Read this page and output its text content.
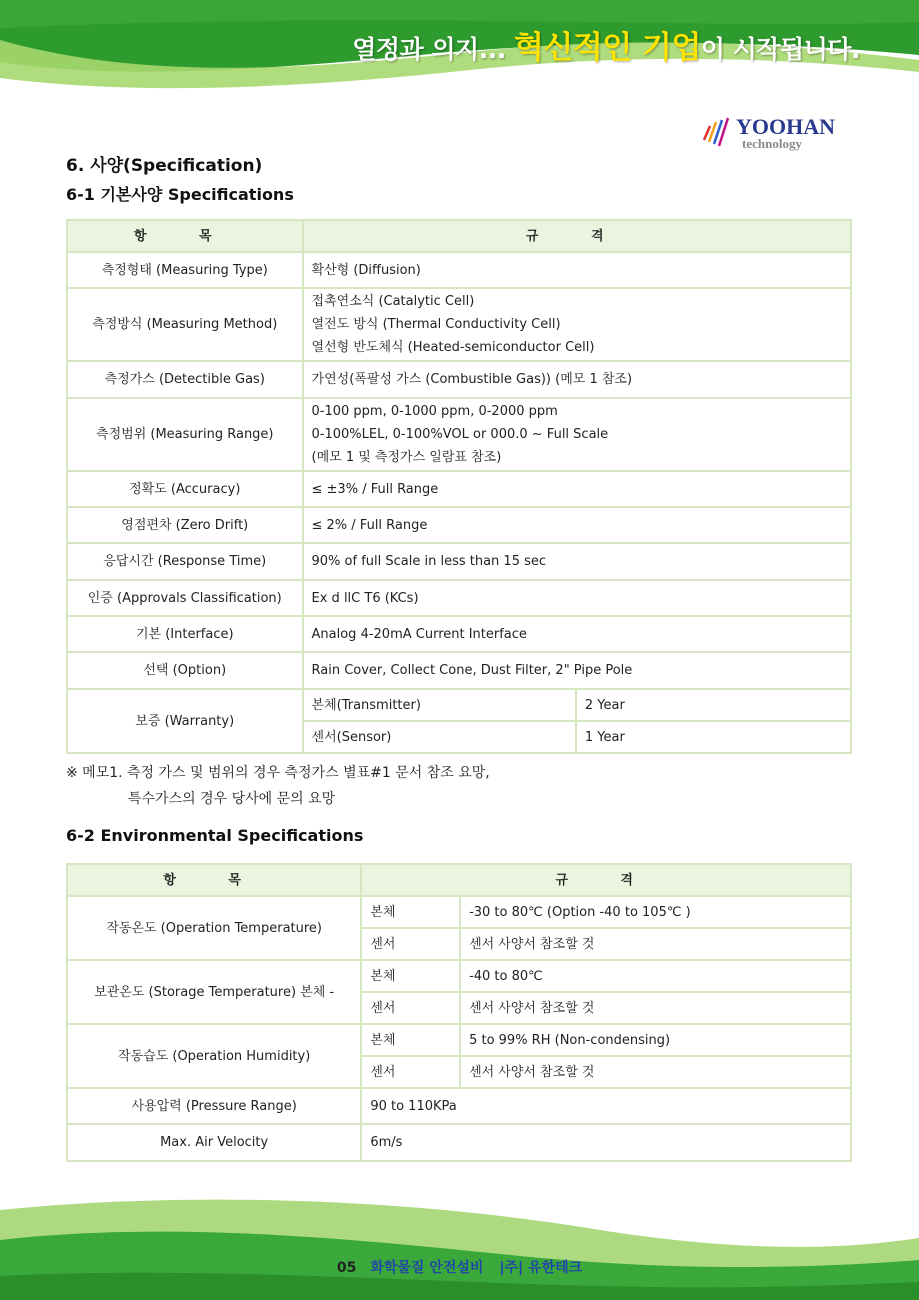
열정과 의지... 혁신적인 기업이 시작됩니다.
YOOHAN
technology
6. 사양(Specification)
6-1 기본사양 Specifications
항 목	규 격	
측정형태 (Measuring Type)	확산형 (Diffusion)	
측정방식 (Measuring Method)	접촉연소식 (Catalytic Cell)
열전도 방식 (Thermal Conductivity Cell)
열선형 반도체식 (Heated-semiconductor Cell)	

측정가스 (Detectible Gas)	가연성(폭팔성 가스 (Combustible Gas)) (메모 1 참조)	
측정범위 (Measuring Range)	0-100 ppm, 0-1000 ppm, 0-2000 ppm
0-100%LEL, 0-100%VOL or 000.0 ~ Full Scale
(메모 1 및 측정가스 일람표 참조)	

정확도 (Accuracy)	≤ ±3% / Full Range	
영점편차 (Zero Drift)	≤ 2% / Full Range	
응답시간 (Response Time)	90% of full Scale in less than 15 sec	
인증 (Approvals Classification)	Ex d llC T6 (KCs)	
기본 (Interface)	Analog 4-20mA Current Interface	
선택 (Option)	Rain Cover, Collect Cone, Dust Filter, 2" Pipe Pole	
보증 (Warranty)	본체(Transmitter)	2 Year
	센서(Sensor)	1 Year
※ 메모1. 측정 가스 및 범위의 경우 측정가스 별표#1 문서 참조 요망,
특수가스의 경우 당사에 문의 요망
6-2 Environmental Specifications
항 목	규 격	
작동온도 (Operation Temperature)	본체	-30 to 80℃ (Option -40 to 105℃ )
	센서	센서 사양서 참조할 것
보관온도 (Storage Temperature) 본체 -	본체	-40 to 80℃
	센서	센서 사양서 참조할 것
작동습도 (Operation Humidity)	본체	5 to 99% RH (Non-condensing)
	센서	센서 사양서 참조할 것
사용압력 (Pressure Range)	90 to 110KPa	
Max. Air Velocity	6m/s	
05 화학물질 안전설비 |주| 유한테크
